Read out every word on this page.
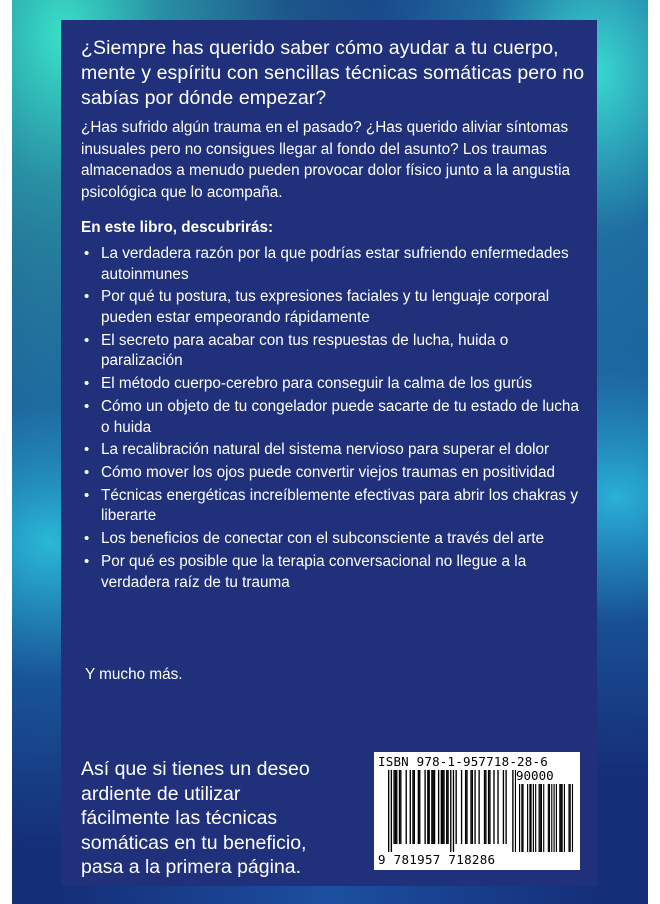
¿Siempre has querido saber cómo ayudar a tu cuerpo, mente y espíritu con sencillas técnicas somáticas pero no sabías por dónde empezar?

¿Has sufrido algún trauma en el pasado? ¿Has querido aliviar síntomas inusuales pero no consigues llegar al fondo del asunto? Los traumas almacenados a menudo pueden provocar dolor físico junto a la angustia psicológica que lo acompaña.

En este libro, descubrirás:

• La verdadera razón por la que podrías estar sufriendo enfermedades autoinmunes
• Por qué tu postura, tus expresiones faciales y tu lenguaje corporal pueden estar empeorando rápidamente
• El secreto para acabar con tus respuestas de lucha, huida o paralización
• El método cuerpo-cerebro para conseguir la calma de los gurús
• Cómo un objeto de tu congelador puede sacarte de tu estado de lucha o huida
• La recalibración natural del sistema nervioso para superar el dolor
• Cómo mover los ojos puede convertir viejos traumas en positividad
• Técnicas energéticas increíblemente efectivas para abrir los chakras y liberarte
• Los beneficios de conectar con el subconsciente a través del arte
• Por qué es posible que la terapia conversacional no llegue a la verdadera raíz de tu trauma

Y mucho más.

Así que si tienes un deseo ardiente de utilizar fácilmente las técnicas somáticas en tu beneficio, pasa a la primera página.

ISBN 978-1-957718-28-6
90000
9 781957 718286
